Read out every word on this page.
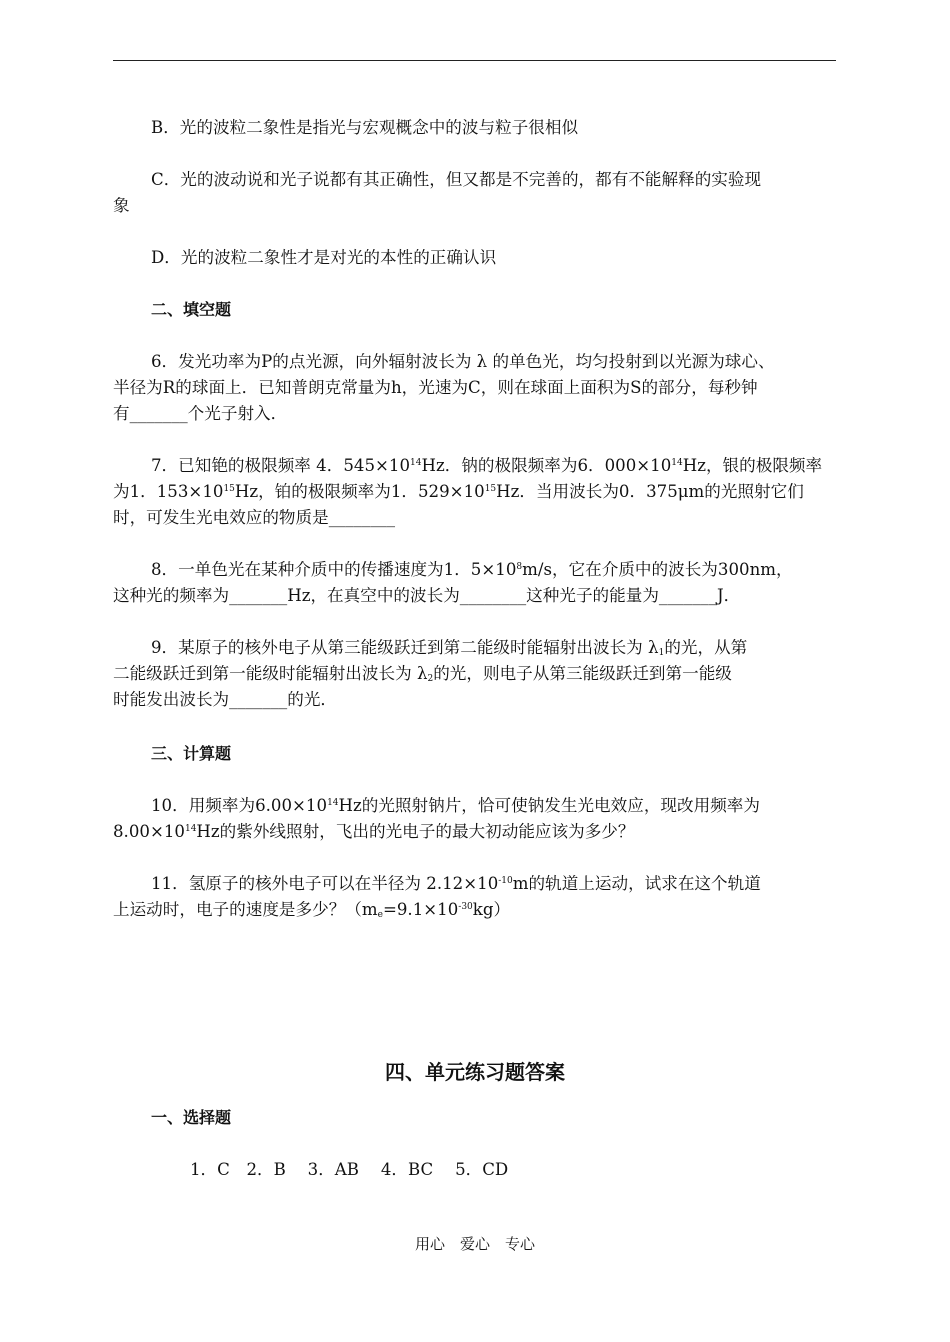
B．光的波粒二象性是指光与宏观概念中的波与粒子很相似
C．光的波动说和光子说都有其正确性，但又都是不完善的，都有不能解释的实验现
象
D．光的波粒二象性才是对光的本性的正确认识
二、填空题
6．发光功率为P的点光源，向外辐射波长为 λ 的单色光，均匀投射到以光源为球心、
半径为R的球面上．已知普朗克常量为h，光速为C，则在球面上面积为S的部分，每秒钟
有_______个光子射入．
7．已知铯的极限频率 4．$545\times 10^{14}Hz$．钠的极限频率为6．$000\times 10^{14}Hz$，银的极限频率
为1．$153\times 10^{15}Hz$，铂的极限频率为1．$529\times 10^{15}Hz$．当用波长为0．375μm的光照射它们
时，可发生光电效应的物质是________
8．一单色光在某种介质中的传播速度为1．$5\times 10^8m/s$，它在介质中的波长为300nm，
这种光的频率为_______Hz，在真空中的波长为________这种光子的能量为_______J．
9．某原子的核外电子从第三能级跃迁到第二能级时能辐射出波长为 $\lambda_1$的光，从第
二能级跃迁到第一能级时能辐射出波长为 $\lambda_2$的光，则电子从第三能级跃迁到第一能级
时能发出波长为_______的光．
三、计算题
10．用频率为$6.00\times 10^{14}Hz$的光照射钠片，恰可使钠发生光电效应，现改用频率为
$8.00\times 10^{14}Hz$的紫外线照射，飞出的光电子的最大初动能应该为多少？
11．氢原子的核外电子可以在半径为 $2.12\times 10^{-10}m$的轨道上运动，试求在这个轨道
上运动时，电子的速度是多少？$(m_e=9.1\times 10^{-30}kg)$
四、单元练习题答案
一、选择题
1．C　2．B　 3．AB　 4．BC　 5．CD
用心　爱心　专心
